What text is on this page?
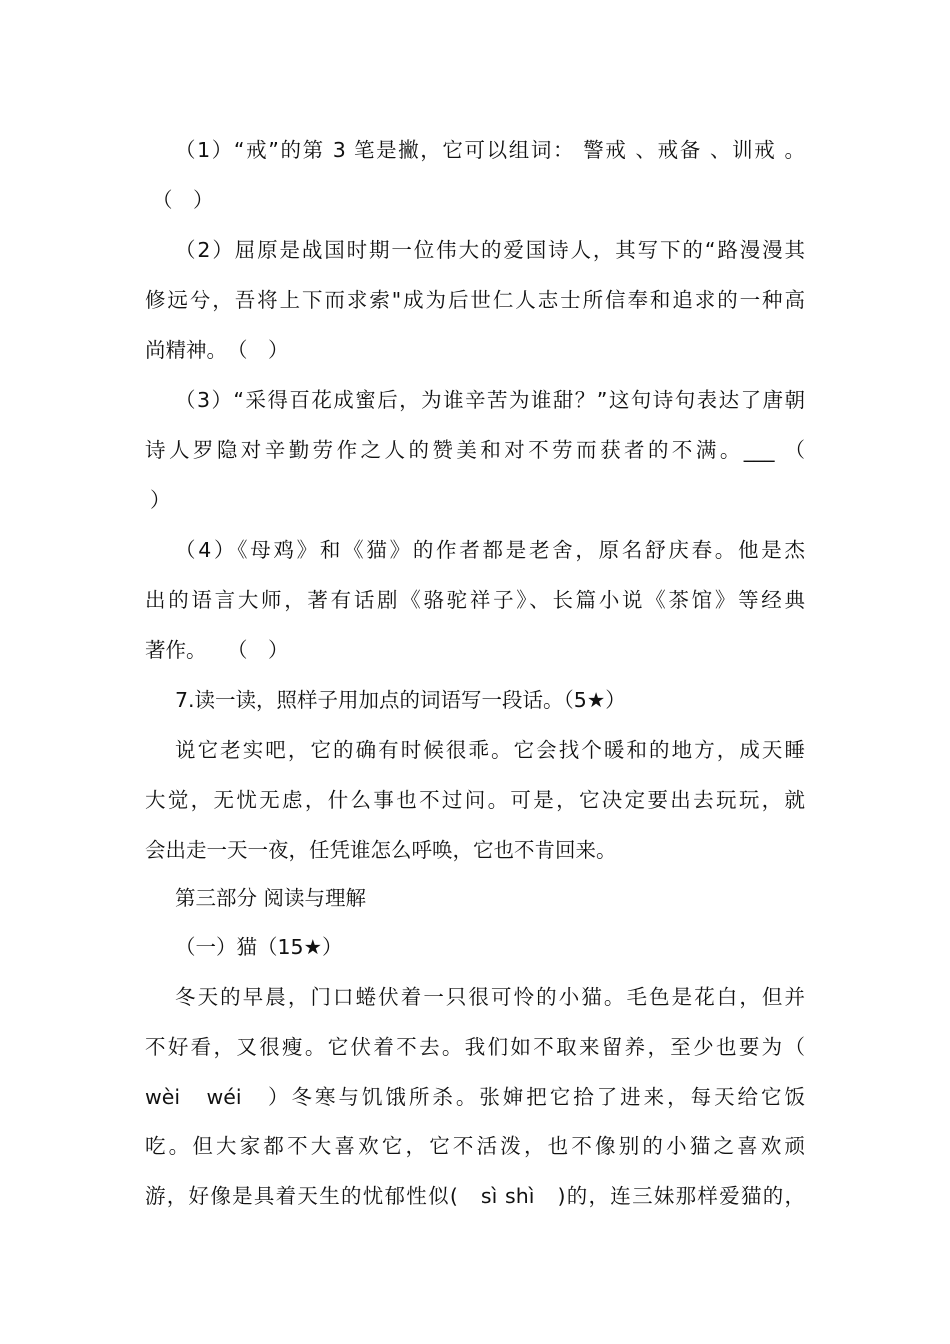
（1）“戒”的第 3 笔是撇，它可以组词： 警戒 、戒备 、训戒 。
（　）
（2）屈原是战国时期一位伟大的爱国诗人，其写下的“路漫漫其
修远兮，吾将上下而求索"成为后世仁人志士所信奉和追求的一种高
尚精神。　（　）
（3）“采得百花成蜜后，为谁辛苦为谁甜？”这句诗句表达了唐朝
诗人罗隐对辛勤劳作之人的赞美和对不劳而获者的不满。___ （
）
（4）《母鸡》和《猫》的作者都是老舍，原名舒庆春。他是杰
出的语言大师，著有话剧《骆驼祥子》、长篇小说《茶馆》等经典
著作。　　（　）
7.读一读，照样子用加点的词语写一段话。（5★）
说它老实吧，它的确有时候很乖。它会找个暖和的地方，成天睡
大觉，无忧无虑，什么事也不过问。可是，它决定要出去玩玩，就
会出走一天一夜，任凭谁怎么呼唤，它也不肯回来。
第三部分 阅读与理解
（一）猫（15★）
冬天的早晨，门口蜷伏着一只很可怜的小猫。毛色是花白，但并
不好看，又很瘦。它伏着不去。我们如不取来留养，至少也要为（
wèi　wéi　）冬寒与饥饿所杀。张婶把它拾了进来，每天给它饭
吃。但大家都不大喜欢它，它不活泼，也不像别的小猫之喜欢顽
游，好像是具着天生的忧郁性似(　sì shì　)的，连三妹那样爱猫的，
